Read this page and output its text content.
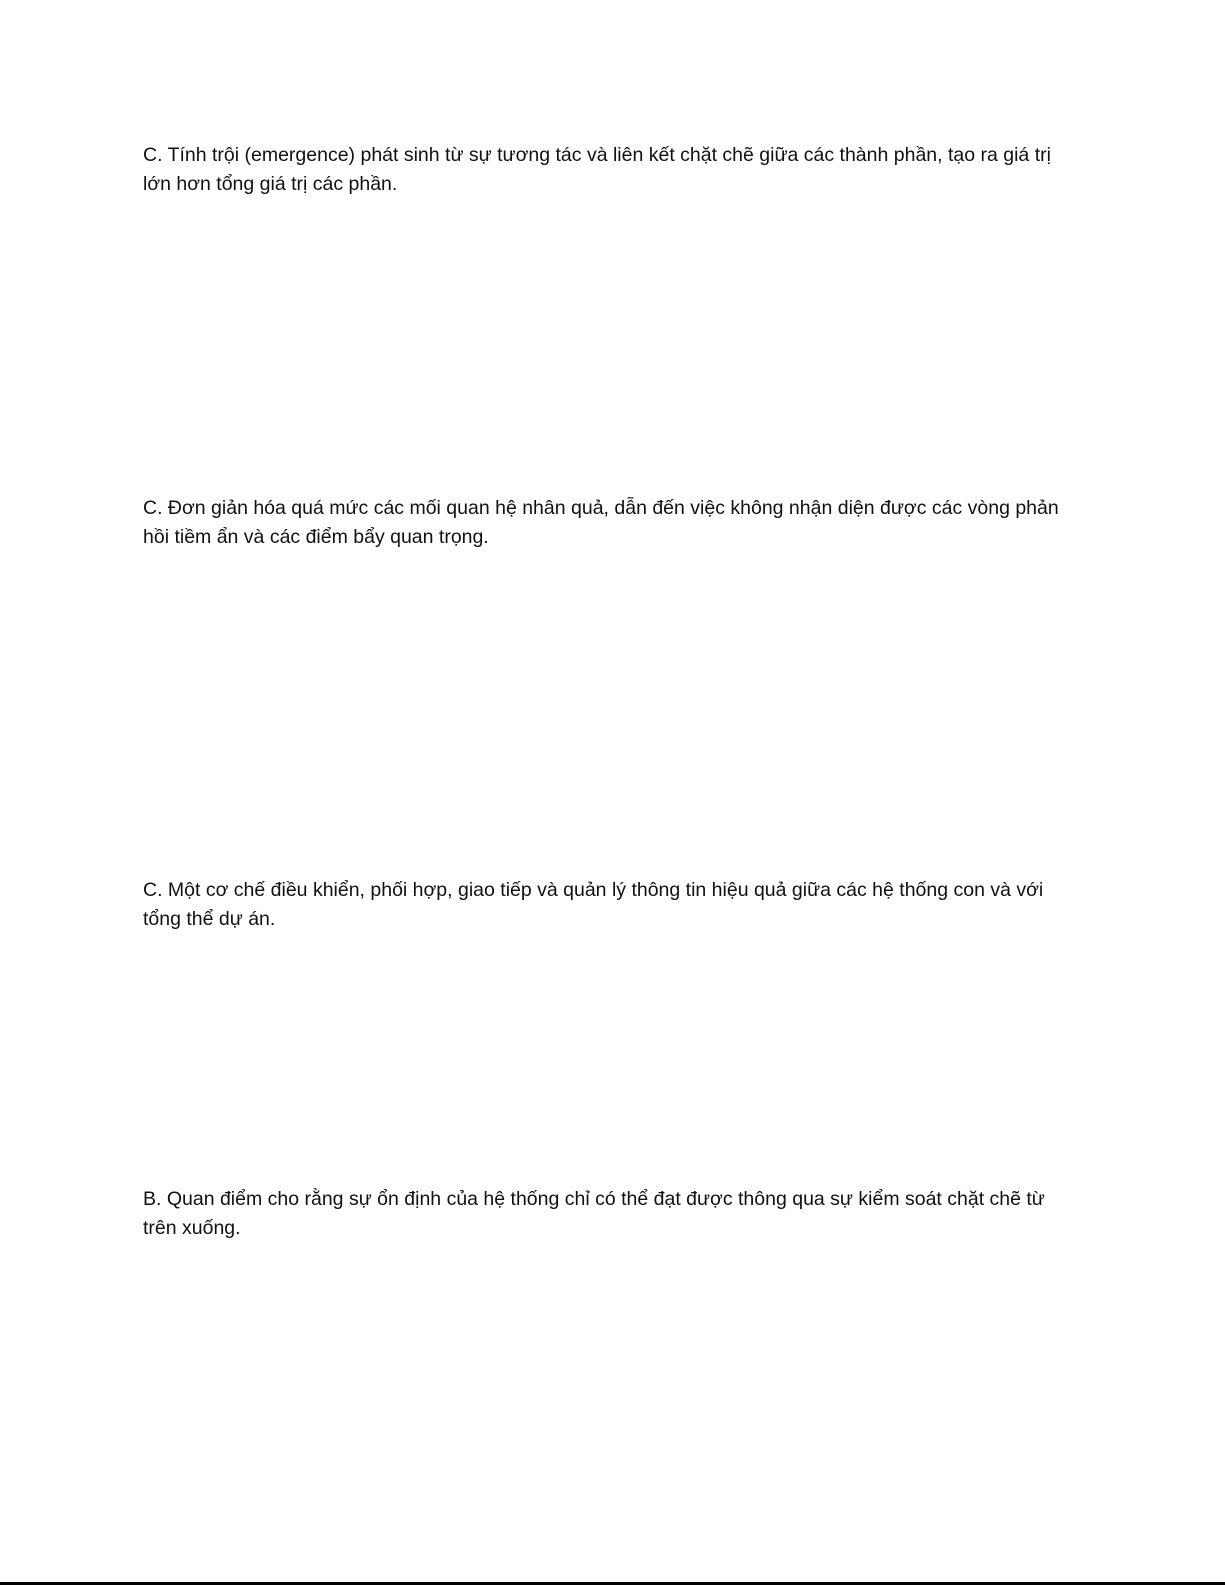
C. Tính trội (emergence) phát sinh từ sự tương tác và liên kết chặt chẽ giữa các thành phần, tạo ra giá trị lớn hơn tổng giá trị các phần.

C. Đơn giản hóa quá mức các mối quan hệ nhân quả, dẫn đến việc không nhận diện được các vòng phản hồi tiềm ẩn và các điểm bẩy quan trọng.

C. Một cơ chế điều khiển, phối hợp, giao tiếp và quản lý thông tin hiệu quả giữa các hệ thống con và với tổng thể dự án.

B. Quan điểm cho rằng sự ổn định của hệ thống chỉ có thể đạt được thông qua sự kiểm soát chặt chẽ từ trên xuống.
